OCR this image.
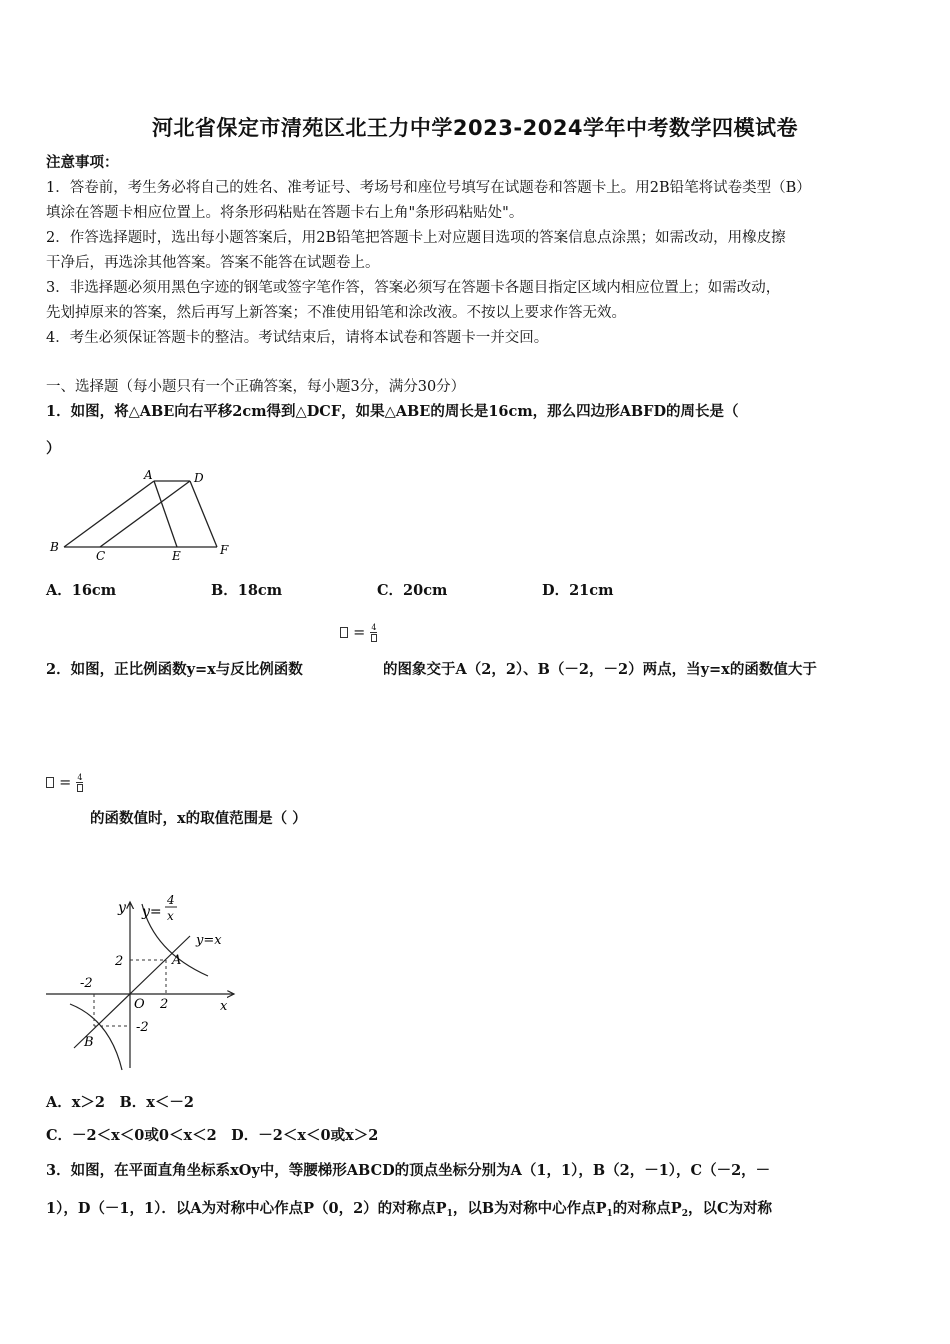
河北省保定市清苑区北王力中学2023-2024学年中考数学四模试卷
注意事项：
1．答卷前，考生务必将自己的姓名、准考证号、考场号和座位号填写在试题卷和答题卡上。用2B铅笔将试卷类型（B）
填涂在答题卡相应位置上。将条形码粘贴在答题卡右上角"条形码粘贴处"。
2．作答选择题时，选出每小题答案后，用2B铅笔把答题卡上对应题目选项的答案信息点涂黑；如需改动，用橡皮擦
干净后，再选涂其他答案。答案不能答在试题卷上。
3．非选择题必须用黑色字迹的钢笔或签字笔作答，答案必须写在答题卡各题目指定区域内相应位置上；如需改动，
先划掉原来的答案，然后再写上新答案；不准使用铅笔和涂改液。不按以上要求作答无效。
4．考生必须保证答题卡的整洁。考试结束后，请将本试卷和答题卡一并交回。
一、选择题（每小题只有一个正确答案，每小题3分，满分30分）
1．如图，将△ABE向右平移2cm得到△DCF，如果△ABE的周长是16cm，那么四边形ABFD的周长是（
）
A	D
B
C	E	F
A．16cm	B．18cm	C．20cm	D．21cm
= 4
2．如图，正比例函数y=x与反比例函数	的图象交于A（2，2）、B（－2，－2）两点，当y=x的函数值大于
= 4
的函数值时，x的取值范围是（ ）
y y=
4
x
y=x
2	A
-2
O 2	x
-2
B
A．x＞2　B．x＜－2
C．－2＜x＜0或0＜x＜2　D．－2＜x＜0或x＞2
3．如图，在平面直角坐标系xOy中，等腰梯形ABCD的顶点坐标分别为A（1，1），B（2，－1），C（－2，－
1），D（－1，1）．以A为对称中心作点P（0，2）的对称点$P_1$，以B为对称中心作点$P_1$的对称点$P_2$，以C为对称
